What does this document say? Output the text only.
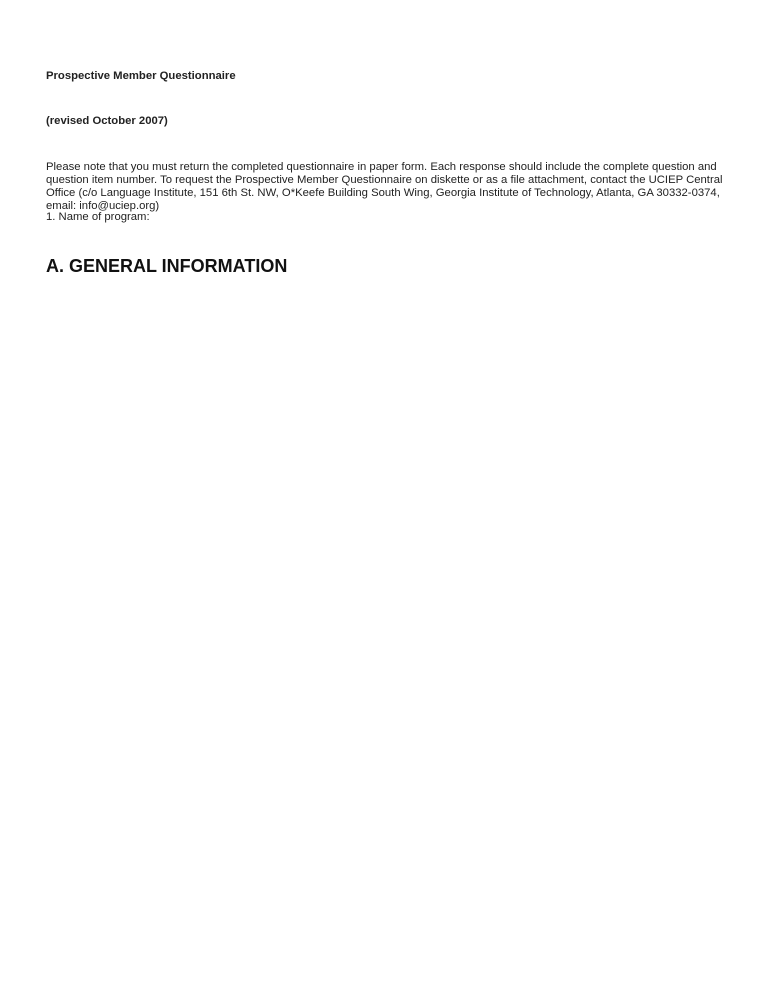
Prospective Member Questionnaire
(revised October 2007)
Please note that you must return the completed questionnaire in paper form. Each response should include the complete question and question item number. To request the Prospective Member Questionnaire on diskette or as a file attachment, contact the UCIEP Central Office (c/o Language Institute, 151 6th St. NW, O*Keefe Building South Wing, Georgia Institute of Technology, Atlanta, GA 30332-0374, email: info@uciep.org)
A. GENERAL INFORMATION
1. Name of program:
